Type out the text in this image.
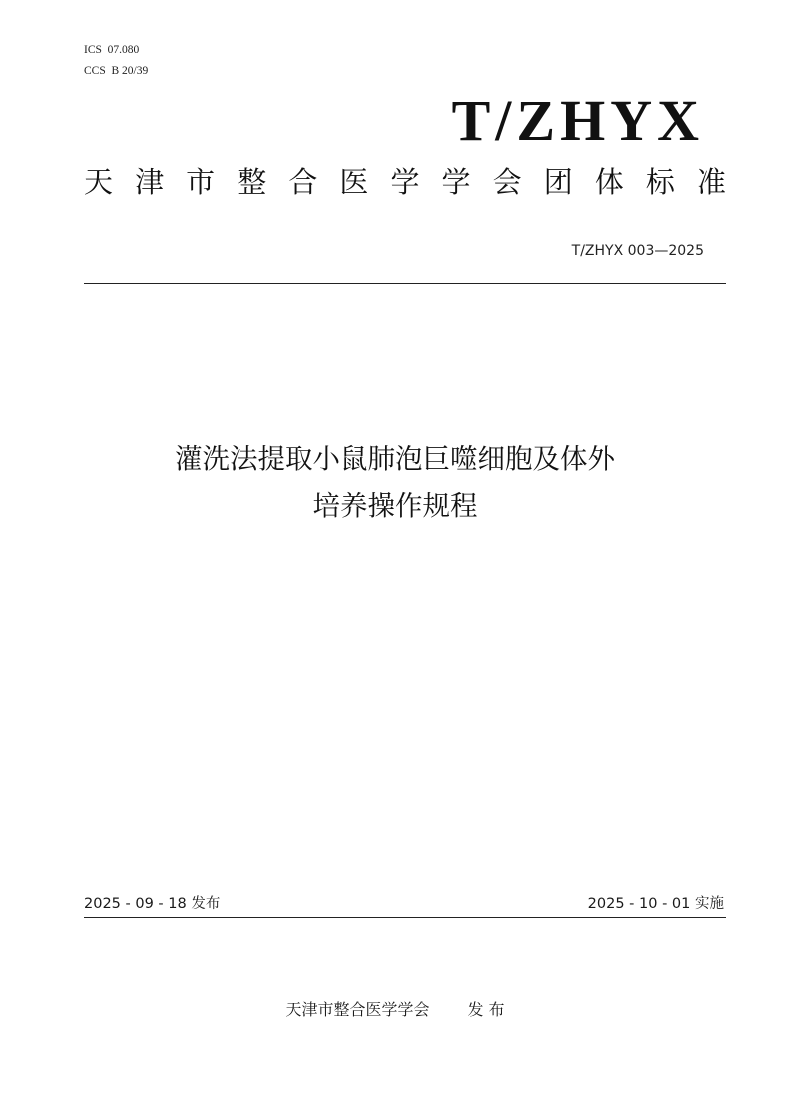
ICS  07.080
CCS  B 20/39
T/ZHYX
天 津 市 整 合 医 学 学 会 团 体 标 准
T/ZHYX 003—2025
灌洗法提取小鼠肺泡巨噬细胞及体外
培养操作规程
2025 - 09 - 18 发布	2025 - 10 - 01 实施
天津市整合医学学会 发 布
